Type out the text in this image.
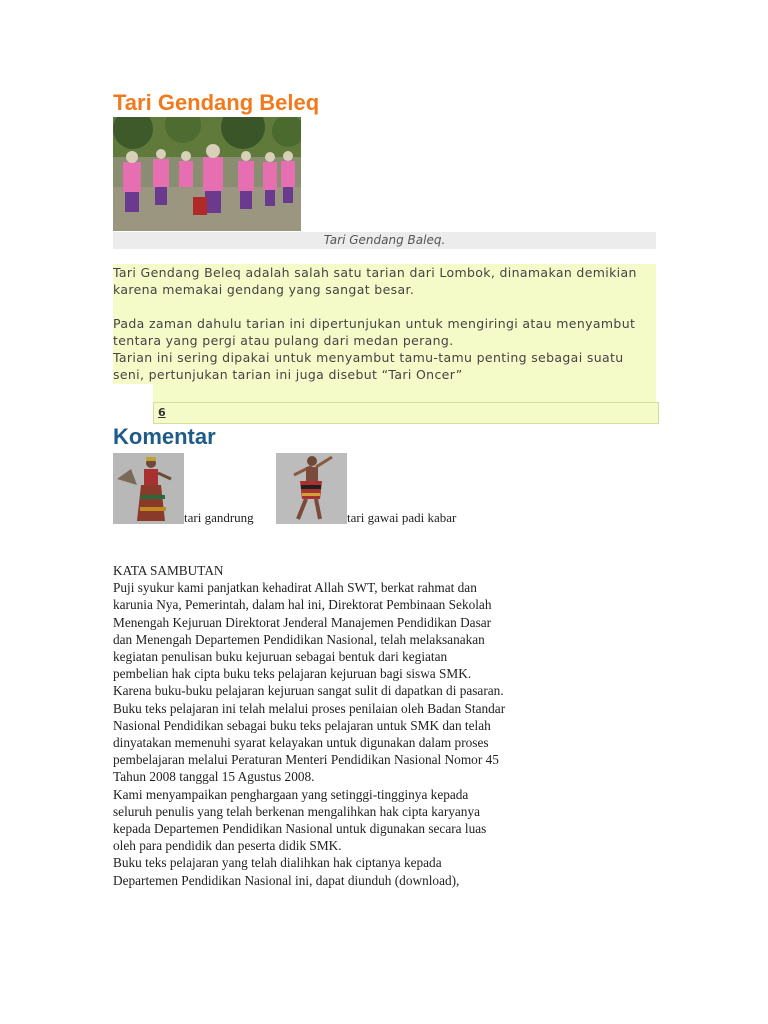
Tari Gendang Beleq
Tari Gendang Baleq.

Tari Gendang Beleq adalah salah satu tarian dari Lombok, dinamakan demikian karena memakai gendang yang sangat besar.

Pada zaman dahulu tarian ini dipertunjukan untuk mengiringi atau menyambut tentara yang pergi atau pulang dari medan perang.

Tarian ini sering dipakai untuk menyambut tamu-tamu penting sebagai suatu seni, pertunjukan tarian ini juga disebut “Tari Oncer”

6
Komentar
tari gandrung	tari gawai padi kabar
KATA SAMBUTAN
Puji syukur kami panjatkan kehadirat Allah SWT, berkat rahmat dan
karunia Nya, Pemerintah, dalam hal ini, Direktorat Pembinaan Sekolah
Menengah Kejuruan Direktorat Jenderal Manajemen Pendidikan Dasar
dan Menengah Departemen Pendidikan Nasional, telah melaksanakan
kegiatan penulisan buku kejuruan sebagai bentuk dari kegiatan
pembelian hak cipta buku teks pelajaran kejuruan bagi siswa SMK.
Karena buku-buku pelajaran kejuruan sangat sulit di dapatkan di pasaran.
Buku teks pelajaran ini telah melalui proses penilaian oleh Badan Standar
Nasional Pendidikan sebagai buku teks pelajaran untuk SMK dan telah
dinyatakan memenuhi syarat kelayakan untuk digunakan dalam proses
pembelajaran melalui Peraturan Menteri Pendidikan Nasional Nomor 45
Tahun 2008 tanggal 15 Agustus 2008.
Kami menyampaikan penghargaan yang setinggi-tingginya kepada
seluruh penulis yang telah berkenan mengalihkan hak cipta karyanya
kepada Departemen Pendidikan Nasional untuk digunakan secara luas
oleh para pendidik dan peserta didik SMK.
Buku teks pelajaran yang telah dialihkan hak ciptanya kepada
Departemen Pendidikan Nasional ini, dapat diunduh (download),
